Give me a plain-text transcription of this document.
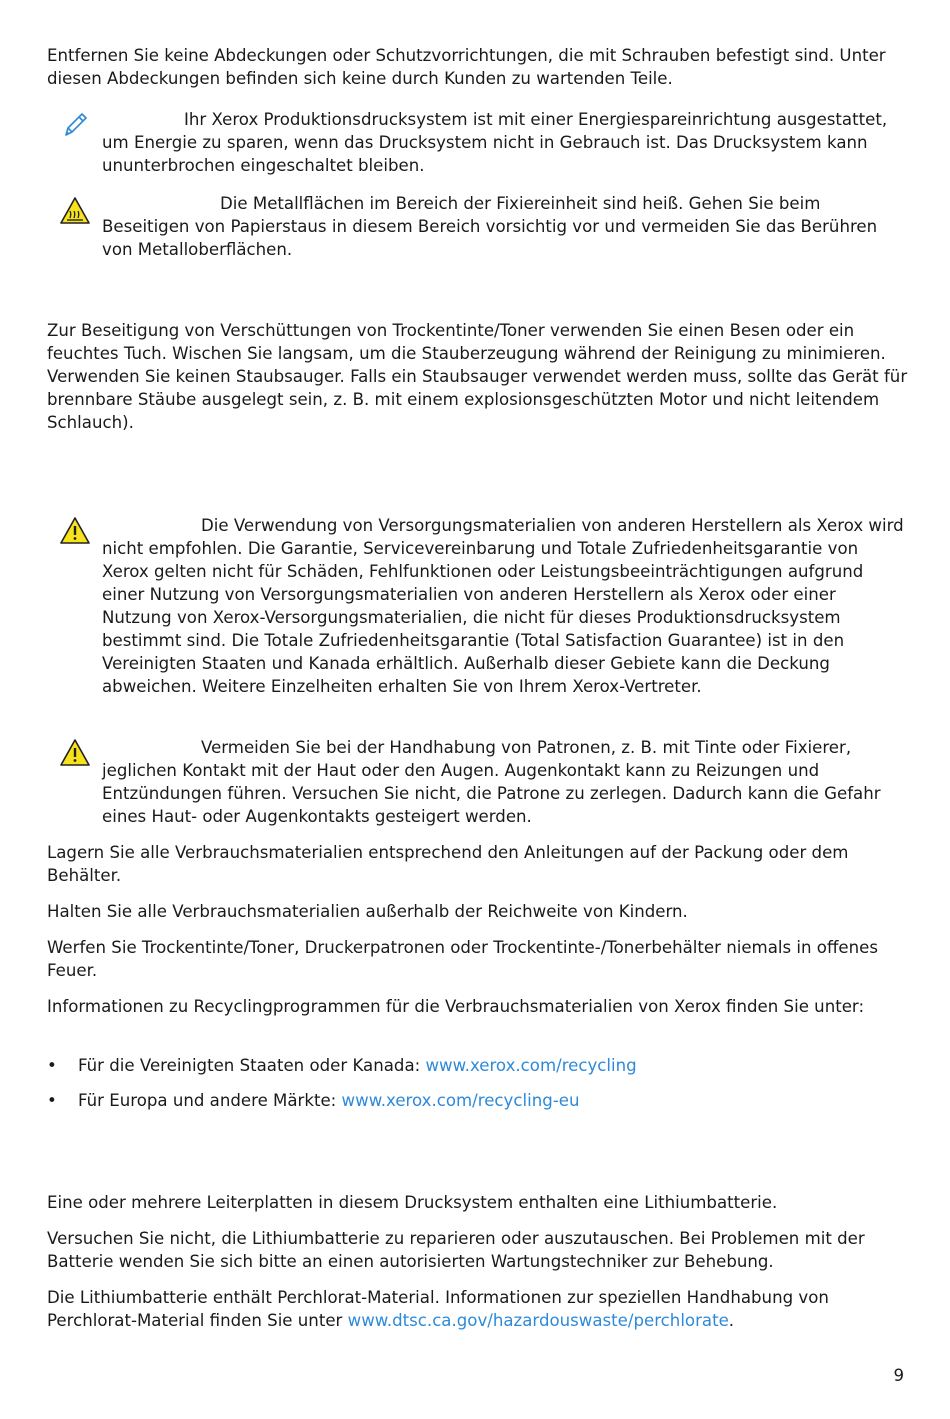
Entfernen Sie keine Abdeckungen oder Schutzvorrichtungen, die mit Schrauben befestigt sind. Unter diesen Abdeckungen befinden sich keine durch Kunden zu wartenden Teile.

Ihr Xerox Produktionsdrucksystem ist mit einer Energiespareinrichtung ausgestattet, um Energie zu sparen, wenn das Drucksystem nicht in Gebrauch ist. Das Drucksystem kann ununterbrochen eingeschaltet bleiben.

Die Metallflächen im Bereich der Fixiereinheit sind heiß. Gehen Sie beim Beseitigen von Papierstaus in diesem Bereich vorsichtig vor und vermeiden Sie das Berühren von Metalloberflächen.

Zur Beseitigung von Verschüttungen von Trockentinte/Toner verwenden Sie einen Besen oder ein feuchtes Tuch. Wischen Sie langsam, um die Stauberzeugung während der Reinigung zu minimieren. Verwenden Sie keinen Staubsauger. Falls ein Staubsauger verwendet werden muss, sollte das Gerät für brennbare Stäube ausgelegt sein, z. B. mit einem explosionsgeschützten Motor und nicht leitendem Schlauch).

Die Verwendung von Versorgungsmaterialien von anderen Herstellern als Xerox wird nicht empfohlen. Die Garantie, Servicevereinbarung und Totale Zufriedenheitsgarantie von Xerox gelten nicht für Schäden, Fehlfunktionen oder Leistungsbeeinträchtigungen aufgrund einer Nutzung von Versorgungsmaterialien von anderen Herstellern als Xerox oder einer Nutzung von Xerox-Versorgungsmaterialien, die nicht für dieses Produktionsdrucksystem bestimmt sind. Die Totale Zufriedenheitsgarantie (Total Satisfaction Guarantee) ist in den Vereinigten Staaten und Kanada erhältlich. Außerhalb dieser Gebiete kann die Deckung abweichen. Weitere Einzelheiten erhalten Sie von Ihrem Xerox-Vertreter.

Vermeiden Sie bei der Handhabung von Patronen, z. B. mit Tinte oder Fixierer, jeglichen Kontakt mit der Haut oder den Augen. Augenkontakt kann zu Reizungen und Entzündungen führen. Versuchen Sie nicht, die Patrone zu zerlegen. Dadurch kann die Gefahr eines Haut- oder Augenkontakts gesteigert werden.

Lagern Sie alle Verbrauchsmaterialien entsprechend den Anleitungen auf der Packung oder dem Behälter.

Halten Sie alle Verbrauchsmaterialien außerhalb der Reichweite von Kindern.

Werfen Sie Trockentinte/Toner, Druckerpatronen oder Trockentinte-/Tonerbehälter niemals in offenes Feuer.

Informationen zu Recyclingprogrammen für die Verbrauchsmaterialien von Xerox finden Sie unter:

• Für die Vereinigten Staaten oder Kanada: www.xerox.com/recycling
• Für Europa und andere Märkte: www.xerox.com/recycling-eu

Eine oder mehrere Leiterplatten in diesem Drucksystem enthalten eine Lithiumbatterie.

Versuchen Sie nicht, die Lithiumbatterie zu reparieren oder auszutauschen. Bei Problemen mit der Batterie wenden Sie sich bitte an einen autorisierten Wartungstechniker zur Behebung.

Die Lithiumbatterie enthält Perchlorat-Material. Informationen zur speziellen Handhabung von Perchlorat-Material finden Sie unter www.dtsc.ca.gov/hazardouswaste/perchlorate.

9
